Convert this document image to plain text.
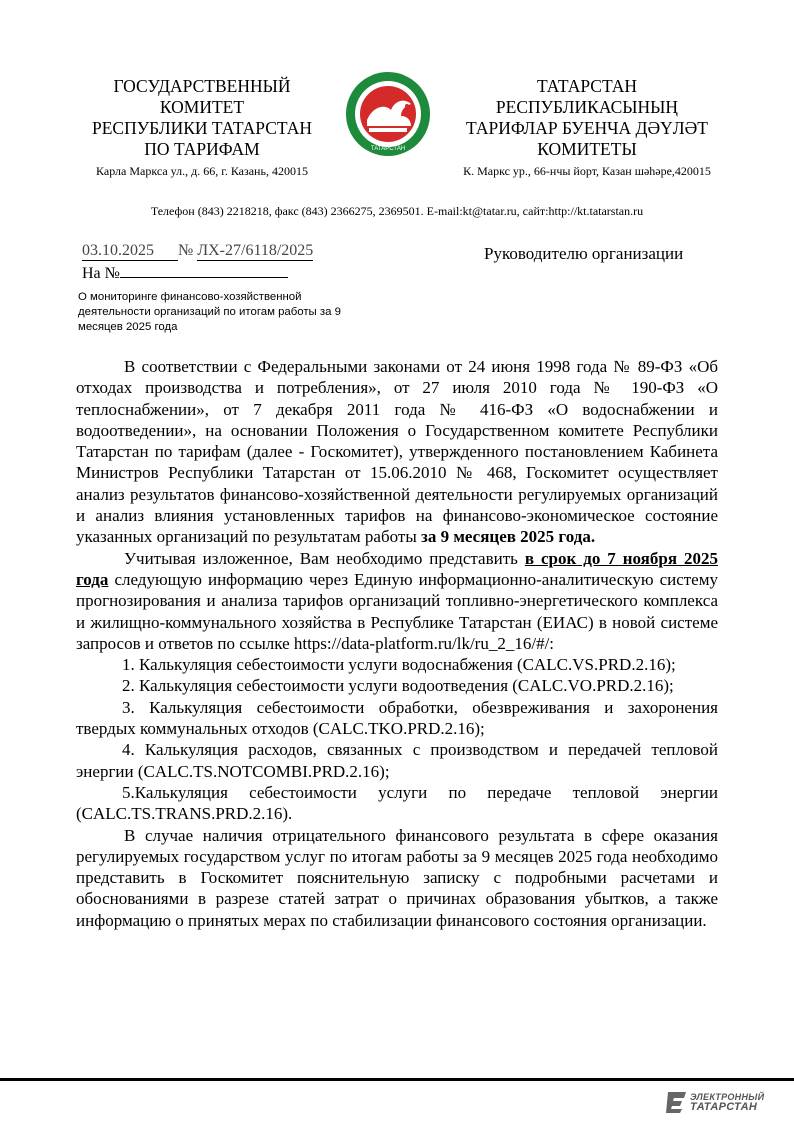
ГОСУДАРСТВЕННЫЙ
КОМИТЕТ
РЕСПУБЛИКИ ТАТАРСТАН
ПО ТАРИФАМ
Карла Маркса ул., д. 66, г. Казань, 420015
ТАТАРСТАН
ТАТАРСТАН
РЕСПУБЛИКАСЫНЫҢ
ТАРИФЛАР БУЕНЧА ДӘҮЛӘТ
КОМИТЕТЫ
К. Маркс ур., 66-нчы йорт, Казан шәһәре,420015
Телефон (843) 2218218, факс (843) 2366275, 2369501. E-mail:kt@tatar.ru, сайт:http://kt.tatarstan.ru
03.10.2025 № ЛХ-27/6118/2025
На №
Руководителю организации
О мониторинге финансово-хозяйственной деятельности организаций по итогам работы за 9 месяцев 2025 года

В соответствии с Федеральными законами от 24 июня 1998 года № 89-ФЗ «Об отходах производства и потребления», от 27 июля 2010 года № 190-ФЗ «О теплоснабжении», от 7 декабря 2011 года № 416-ФЗ «О водоснабжении и водоотведении», на основании Положения о Государственном комитете Республики Татарстан по тарифам (далее - Госкомитет), утвержденного постановлением Кабинета Министров Республики Татарстан от 15.06.2010 № 468, Госкомитет осуществляет анализ результатов финансово-хозяйственной деятельности регулируемых организаций и анализ влияния установленных тарифов на финансово-экономическое состояние указанных организаций по результатам работы за 9 месяцев 2025 года.

Учитывая изложенное, Вам необходимо представить в срок до 7 ноября 2025 года следующую информацию через Единую информационно-аналитическую систему прогнозирования и анализа тарифов организаций топливно-энергетического комплекса и жилищно-коммунального хозяйства в Республике Татарстан (ЕИАС) в новой системе запросов и ответов по ссылке https://data-platform.ru/lk/ru_2_16/#/:

1. Калькуляция себестоимости услуги водоснабжения (CALC.VS.PRD.2.16);

2. Калькуляция себестоимости услуги водоотведения (CALC.VO.PRD.2.16);

3. Калькуляция себестоимости обработки, обезвреживания и захоронения твердых коммунальных отходов (CALC.TKO.PRD.2.16);

4. Калькуляция расходов, связанных с производством и передачей тепловой энергии (CALC.TS.NOTCOMBI.PRD.2.16);

5.Калькуляция себестоимости услуги по передаче тепловой энергии (CALC.TS.TRANS.PRD.2.16).

В случае наличия отрицательного финансового результата в сфере оказания регулируемых государством услуг по итогам работы за 9 месяцев 2025 года необходимо представить в Госкомитет пояснительную записку с подробными расчетами и обоснованиями в разрезе статей затрат о причинах образования убытков, а также информацию о принятых мерах по стабилизации финансового состояния организации.

ЭЛЕКТРОННЫЙ
ТАТАРСТАН
